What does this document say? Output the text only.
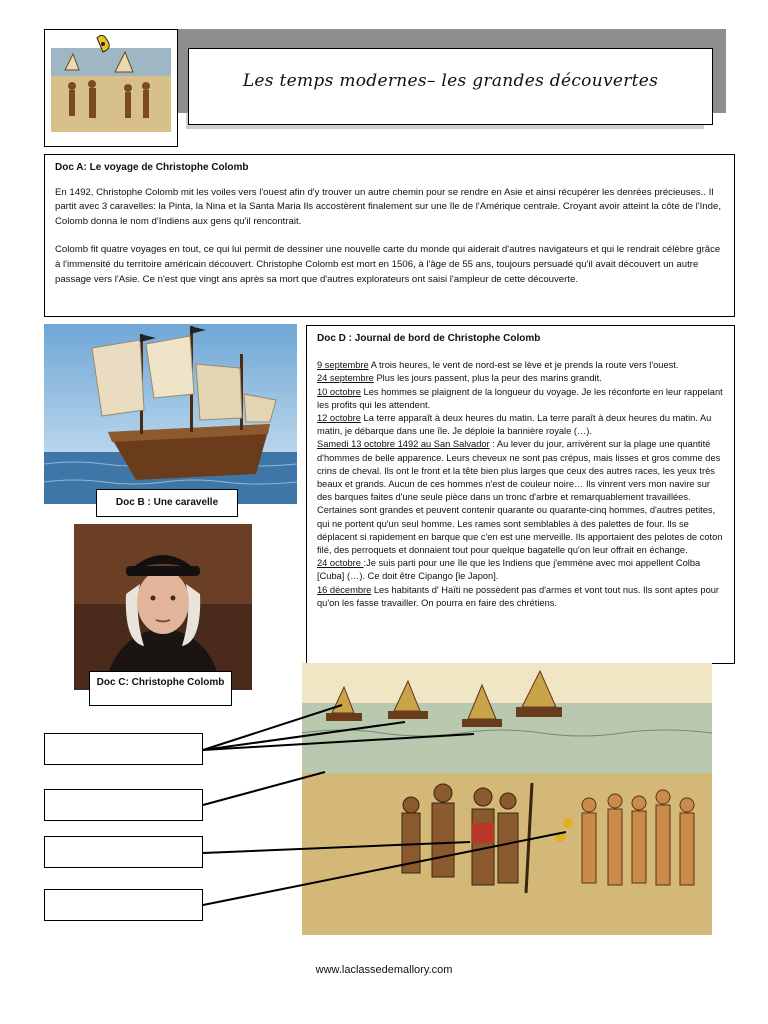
Les temps modernes– les grandes découvertes
Doc A: Le voyage de Christophe Colomb

En 1492, Christophe Colomb mit les voiles vers l'ouest afin d'y trouver un autre chemin pour se rendre en Asie et ainsi récupérer les denrées précieuses.. Il partit avec 3 caravelles: la Pinta, la Nina et la Santa Maria Ils accostèrent finalement sur une île de l'Amérique centrale. Croyant avoir atteint la côte de l'Inde, Colomb donna le nom d'Indiens aux gens qu'il rencontrait.

Colomb fit quatre voyages en tout, ce qui lui permit de dessiner une nouvelle carte du monde qui aiderait d'autres navigateurs et qui le rendrait célèbre grâce à l'immensité du territoire américain découvert. Christophe Colomb est mort en 1506, à l'âge de 55 ans, toujours persuadé qu'il avait découvert un autre passage vers l'Asie. Ce n'est que vingt ans après sa mort que d'autres explorateurs ont saisi l'ampleur de cette découverte.

Doc B : Une caravelle
Doc C: Christophe Colomb
Doc D : Journal de bord de Christophe Colomb

9 septembre A trois heures, le vent de nord-est se lève et je prends la route vers l'ouest.

24 septembre Plus les jours passent, plus la peur des marins grandit.

10 octobre Les hommes se plaignent de la longueur du voyage. Je les réconforte en leur rappelant les profits qui les attendent.

12 octobre La terre apparaît à deux heures du matin. La terre paraît à deux heures du matin. Au matin, je débarque dans une île. Je déploie la bannière royale (…).

Samedi 13 octobre 1492 au San Salvador : Au lever du jour, arrivèrent sur la plage une quantité d'hommes de belle apparence. Leurs cheveux ne sont pas crépus, mais lisses et gros comme des crins de cheval. Ils ont le front et la tête bien plus larges que ceux des autres races, les yeux très beaux et grands. Aucun de ces hommes n'est de couleur noire… Ils vinrent vers mon navire sur des barques faites d'une seule pièce dans un tronc d'arbre et remarquablement travaillées. Certaines sont grandes et peuvent contenir quarante ou quarante-cinq hommes, d'autres petites, qui ne portent qu'un seul homme. Les rames sont semblables à des palettes de four. Ils se déplacent si rapidement en barque que c'en est une merveille. Ils apportaient des pelotes de coton filé, des perroquets et donnaient tout pour quelque bagatelle qu'on leur offrait en échange.

24 octobre :Je suis parti pour une île que les Indiens que j'emmène avec moi appellent Colba [Cuba] (…). Ce doit être Cipango [le Japon].

16 décembre Les habitants d' Haïti ne possèdent pas d'armes et vont tout nus. Ils sont aptes pour qu'on les fasse travailler. On pourra en faire des chrétiens.

www.laclassedemallory.com
